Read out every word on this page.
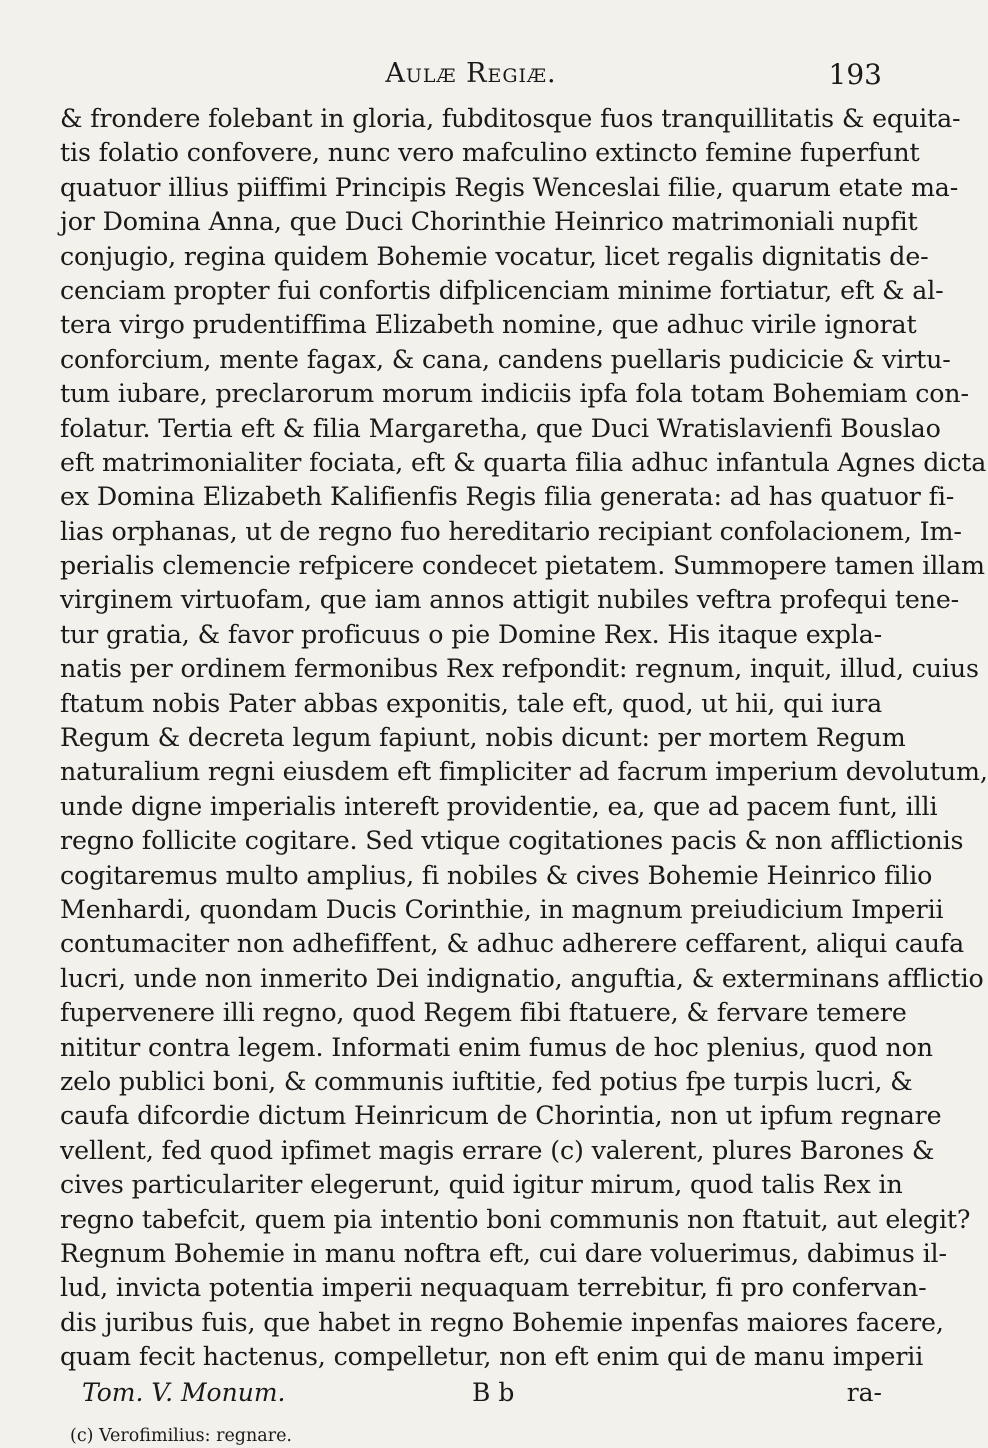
Aulæ Regiæ.	193
& frondere folebant in gloria, fubditosque fuos tranquillitatis & equita-
tis folatio confovere, nunc vero mafculino extincto femine fuperfunt
quatuor illius piiffimi Principis Regis Wenceslai filie, quarum etate ma-
jor Domina Anna, que Duci Chorinthie Heinrico matrimoniali nupfit
conjugio, regina quidem Bohemie vocatur, licet regalis dignitatis de-
cenciam propter fui confortis difplicenciam minime fortiatur, eft & al-
tera virgo prudentiffima Elizabeth nomine, que adhuc virile ignorat
conforcium, mente fagax, & cana, candens puellaris pudicicie & virtu-
tum iubare, preclarorum morum indiciis ipfa fola totam Bohemiam con-
folatur. Tertia eft & filia Margaretha, que Duci Wratislavienfi Bouslao
eft matrimonialiter fociata, eft & quarta filia adhuc infantula Agnes dicta
ex Domina Elizabeth Kalifienfis Regis filia generata: ad has quatuor fi-
lias orphanas, ut de regno fuo hereditario recipiant confolacionem, Im-
perialis clemencie refpicere condecet pietatem. Summopere tamen illam
virginem virtuofam, que iam annos attigit nubiles veftra profequi tene-
tur gratia, & favor proficuus o pie Domine Rex. His itaque expla-
natis per ordinem fermonibus Rex refpondit: regnum, inquit, illud, cuius
ftatum nobis Pater abbas exponitis, tale eft, quod, ut hii, qui iura
Regum & decreta legum fapiunt, nobis dicunt: per mortem Regum
naturalium regni eiusdem eft fimpliciter ad facrum imperium devolutum,
unde digne imperialis intereft providentie, ea, que ad pacem funt, illi
regno follicite cogitare. Sed vtique cogitationes pacis & non afflictionis
cogitaremus multo amplius, fi nobiles & cives Bohemie Heinrico filio
Menhardi, quondam Ducis Corinthie, in magnum preiudicium Imperii
contumaciter non adhefiffent, & adhuc adherere ceffarent, aliqui caufa
lucri, unde non inmerito Dei indignatio, anguftia, & exterminans afflictio
fupervenere illi regno, quod Regem fibi ftatuere, & fervare temere
nititur contra legem. Informati enim fumus de hoc plenius, quod non
zelo publici boni, & communis iuftitie, fed potius fpe turpis lucri, &
caufa difcordie dictum Heinricum de Chorintia, non ut ipfum regnare
vellent, fed quod ipfimet magis errare (c) valerent, plures Barones &
cives particulariter elegerunt, quid igitur mirum, quod talis Rex in
regno tabefcit, quem pia intentio boni communis non ftatuit, aut elegit?
Regnum Bohemie in manu noftra eft, cui dare voluerimus, dabimus il-
lud, invicta potentia imperii nequaquam terrebitur, fi pro confervan-
dis juribus fuis, que habet in regno Bohemie inpenfas maiores facere,
quam fecit hactenus, compelletur, non eft enim qui de manu imperii
Tom. V. Monum.	B b	ra-
(c) Verofimilius: regnare.
